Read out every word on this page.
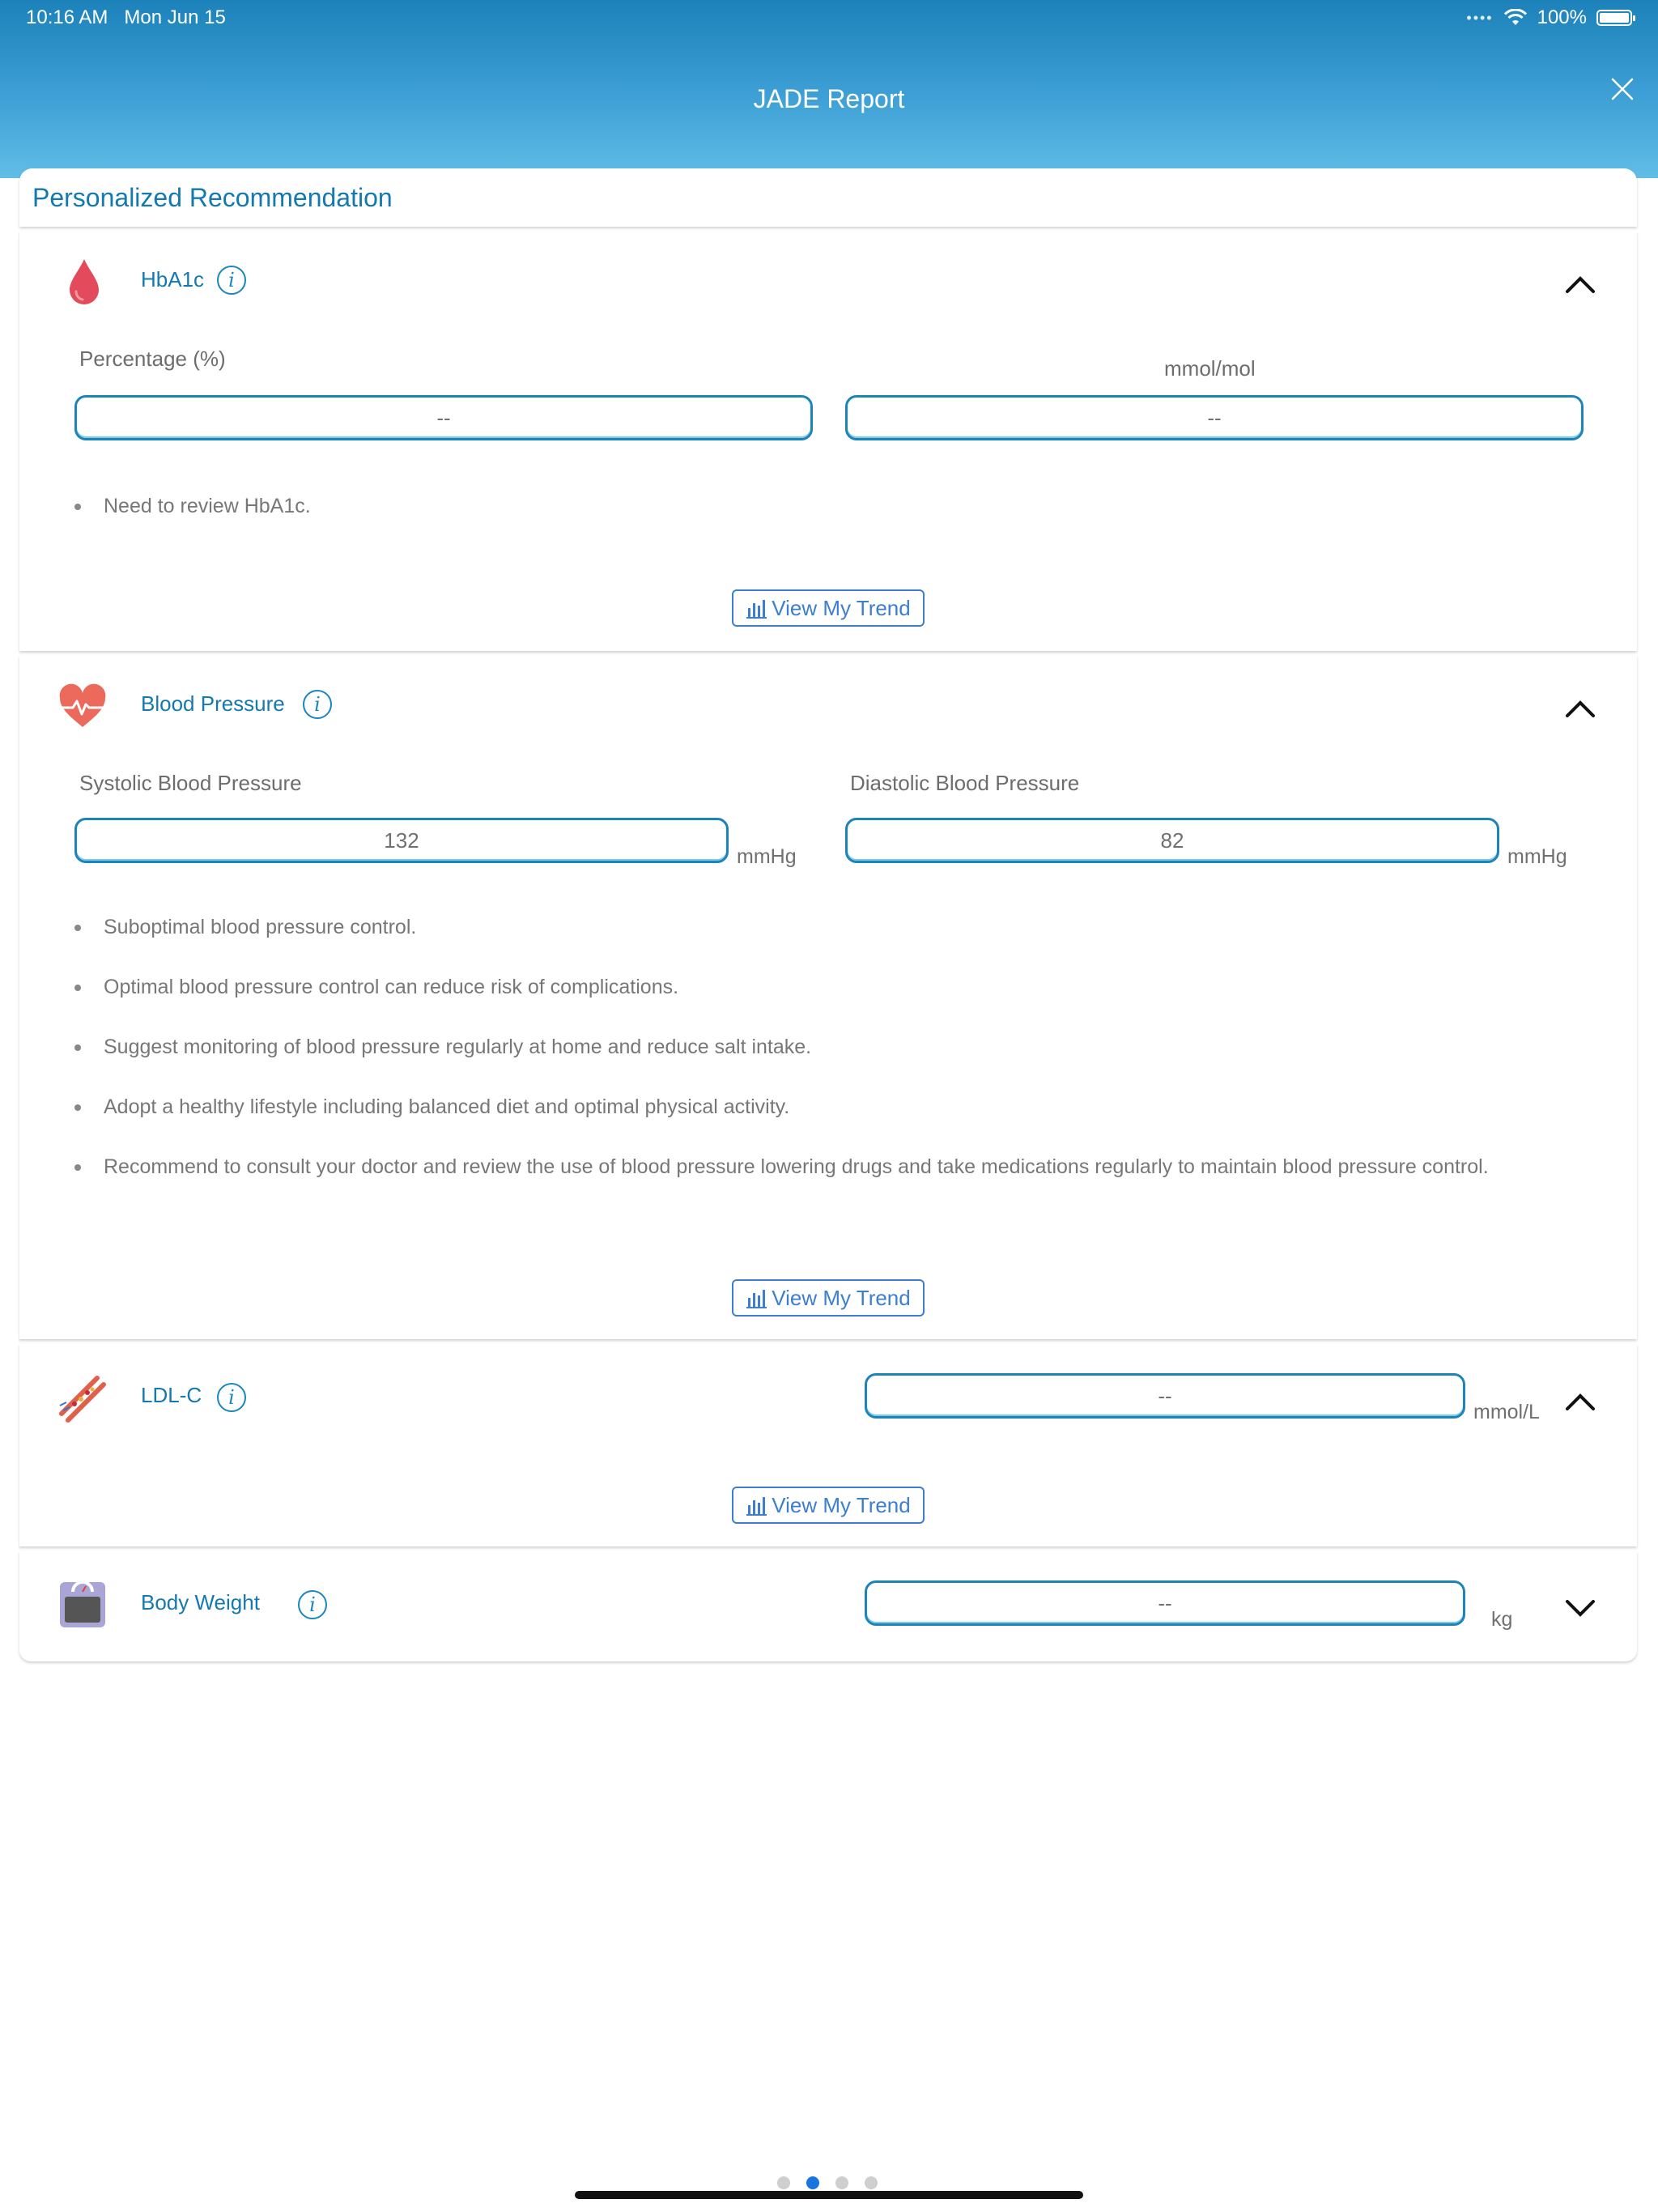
10:16 AM Mon Jun 15	•••• 100%
JADE Report
Personalized Recommendation
HbA1c	i
Percentage (%)
--
mmol/mol
--
Need to review HbA1c.
View My Trend
Blood Pressure	i
Systolic Blood Pressure
132
mmHg
Diastolic Blood Pressure
82
mmHg
Suboptimal blood pressure control.
Optimal blood pressure control can reduce risk of complications.
Suggest monitoring of blood pressure regularly at home and reduce salt intake.
Adopt a healthy lifestyle including balanced diet and optimal physical activity.
Recommend to consult your doctor and review the use of blood pressure lowering drugs and take medications regularly to maintain blood pressure control.
View My Trend
LDL-C	i	--
mmol/L
View My Trend
Body Weight	i	--
kg
